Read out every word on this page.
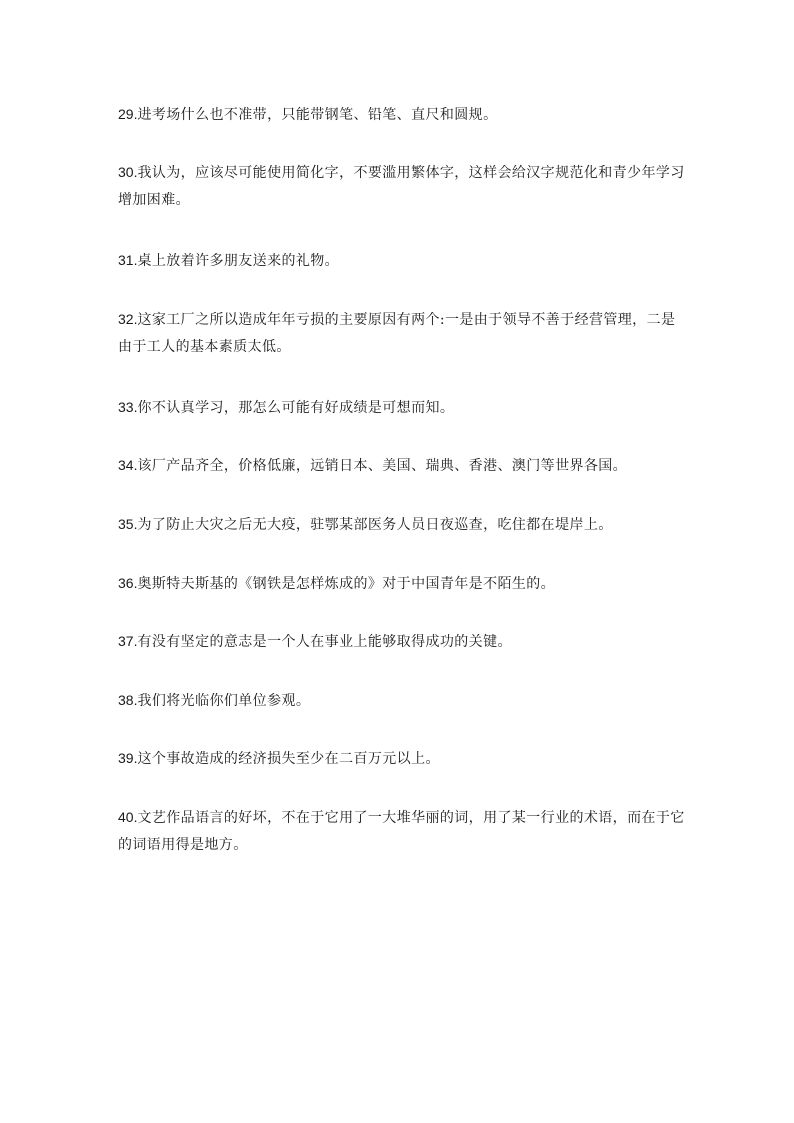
29.进考场什么也不准带，只能带钢笔、铅笔、直尺和圆规。

30.我认为，应该尽可能使用简化字，不要滥用繁体字，这样会给汉字规范化和青少年学习增加困难。

31.桌上放着许多朋友送来的礼物。

32.这家工厂之所以造成年年亏损的主要原因有两个:一是由于领导不善于经营管理，二是由于工人的基本素质太低。

33.你不认真学习，那怎么可能有好成绩是可想而知。

34.该厂产品齐全，价格低廉，远销日本、美国、瑞典、香港、澳门等世界各国。

35.为了防止大灾之后无大疫，驻鄂某部医务人员日夜巡查，吃住都在堤岸上。

36.奥斯特夫斯基的《钢铁是怎样炼成的》对于中国青年是不陌生的。

37.有没有坚定的意志是一个人在事业上能够取得成功的关键。

38.我们将光临你们单位参观。

39.这个事故造成的经济损失至少在二百万元以上。

40.文艺作品语言的好坏，不在于它用了一大堆华丽的词，用了某一行业的术语，而在于它的词语用得是地方。
